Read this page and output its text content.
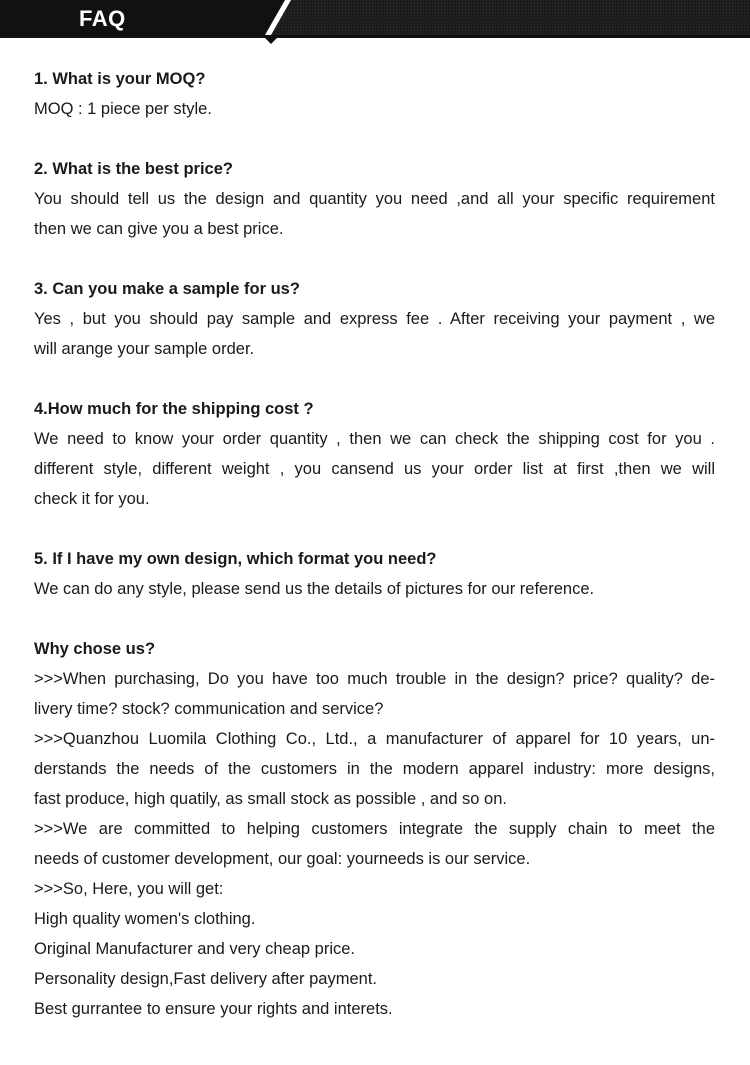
FAQ
1. What is your MOQ?
MOQ : 1 piece per style.
2. What is the best price?
You should tell us the design and quantity you need ,and all your specific requirement
then we can give you a best price.
3. Can you make a sample for us?
Yes , but you should pay sample and express fee . After receiving your payment , we
will arange your sample order.
4.How much for the shipping cost ?
We need to know your order quantity , then we can check the shipping cost for you .
different style, different weight , you cansend us your order list at first ,then we will
check it for you.
5. If I have my own design, which format you need?
We can do any style, please send us the details of pictures for our reference.
Why chose us?
>>>When purchasing, Do you have too much trouble in the design? price? quality? de-
livery time? stock? communication and service?
>>>Quanzhou Luomila Clothing Co., Ltd., a manufacturer of apparel for 10 years, un-
derstands the needs of the customers in the modern apparel industry: more designs,
fast produce, high quatily, as small stock as possible , and so on.
>>>We are committed to helping customers integrate the supply chain to meet the
needs of customer development, our goal: yourneeds is our service.
>>>So, Here, you will get:
High quality women's clothing.
Original Manufacturer and very cheap price.
Personality design,Fast delivery after payment.
Best gurrantee to ensure your rights and interets.
